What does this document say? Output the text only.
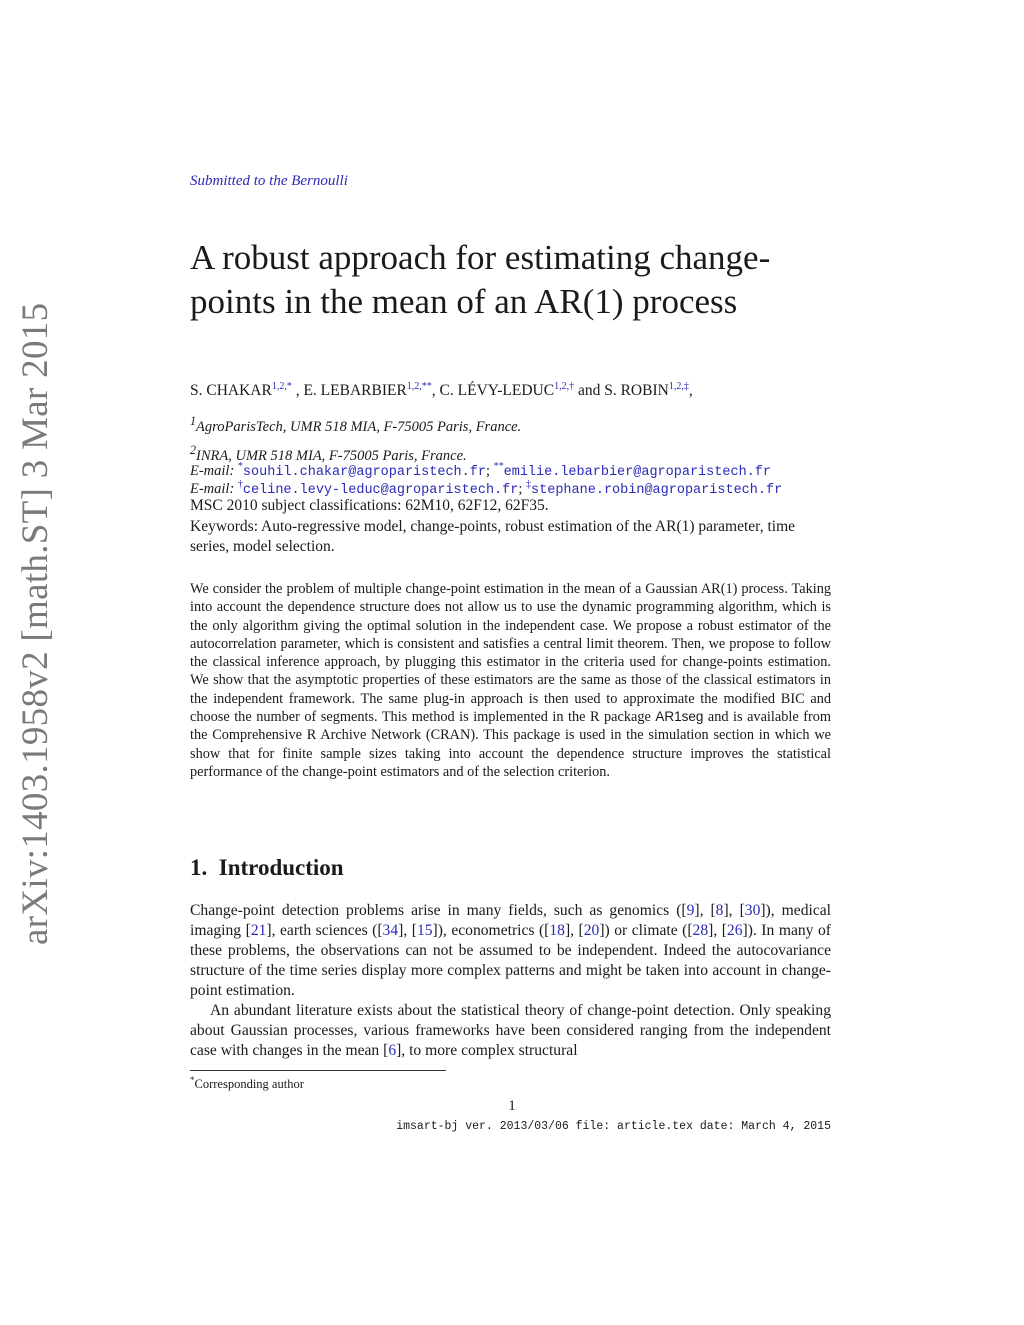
arXiv:1403.1958v2 [math.ST] 3 Mar 2015
Submitted to the Bernoulli
A robust approach for estimating change-points in the mean of an AR(1) process
S. $CHAKAR^{1,2,*}$ , E. $LEBARBIER^{1,2,**}$, C. LÉVY-$LEDUC^{1,2,\dagger}$ and S. $ROBIN^{1,2,\ddagger}$,
$^1$AgroParisTech, UMR 518 MIA, F-75005 Paris, France.
$^2$INRA, UMR 518 MIA, F-75005 Paris, France.
E-mail: *souhil.chakar@agroparistech.fr; **emilie.lebarbier@agroparistech.fr
E-mail: †celine.levy-leduc@agroparistech.fr; ‡stephane.robin@agroparistech.fr
MSC 2010 subject classifications: 62M10, 62F12, 62F35.
Keywords: Auto-regressive model, change-points, robust estimation of the AR(1) parameter, time series, model selection.
We consider the problem of multiple change-point estimation in the mean of a Gaussian AR(1) process. Taking into account the dependence structure does not allow us to use the dynamic programming algorithm, which is the only algorithm giving the optimal solution in the independent case. We propose a robust estimator of the autocorrelation parameter, which is consistent and satisfies a central limit theorem. Then, we propose to follow the classical inference approach, by plugging this estimator in the criteria used for change-points estimation. We show that the asymptotic properties of these estimators are the same as those of the classical estimators in the independent framework. The same plug-in approach is then used to approximate the modified BIC and choose the number of segments. This method is implemented in the R package AR1seg and is available from the Comprehensive R Archive Network (CRAN). This package is used in the simulation section in which we show that for finite sample sizes taking into account the dependence structure improves the statistical performance of the change-point estimators and of the selection criterion.
1. Introduction

Change-point detection problems arise in many fields, such as genomics ([9], [8], [30]), medical imaging [21], earth sciences ([34], [15]), econometrics ([18], [20]) or climate ([28], [26]). In many of these problems, the observations can not be assumed to be independent. Indeed the autocovariance structure of the time series display more complex patterns and might be taken into account in change-point estimation.

An abundant literature exists about the statistical theory of change-point detection. Only speaking about Gaussian processes, various frameworks have been considered ranging from the independent case with changes in the mean [6], to more complex structural

*Corresponding author
1
imsart-bj ver. 2013/03/06 file: article.tex date: March 4, 2015
